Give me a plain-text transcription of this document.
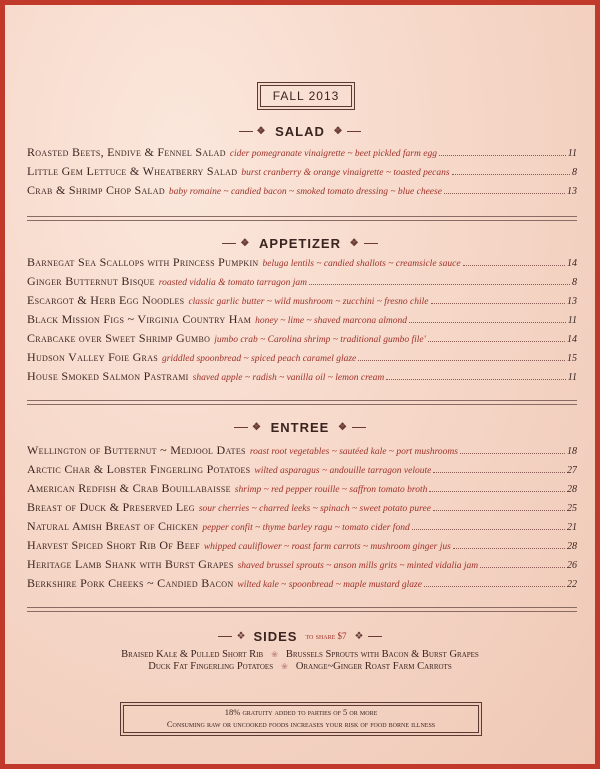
FALL 2013
❖ SALAD ❖
Roasted Beets, Endive & Fennel Salad cider pomegranate vinaigrette ~ beet pickled farm egg	11
Little Gem Lettuce & Wheatberry Salad burst cranberry & orange vinaigrette ~ toasted pecans	8
Crab & Shrimp Chop Salad baby romaine ~ candied bacon ~ smoked tomato dressing ~ blue cheese	13
❖ APPETIZER ❖
Barnegat Sea Scallops with Princess Pumpkin beluga lentils ~ candied shallots ~ creamsicle sauce	14
Ginger Butternut Bisque roasted vidalia & tomato tarragon jam	8
Escargot & Herb Egg Noodles classic garlic butter ~ wild mushroom ~ zucchini ~ fresno chile	13
Black Mission Figs ~ Virginia Country Ham honey ~ lime ~ shaved marcona almond	11
Crabcake over Sweet Shrimp Gumbo jumbo crab ~ Carolina shrimp ~ traditional gumbo file'	14
Hudson Valley Foie Gras griddled spoonbread ~ spiced peach caramel glaze	15
House Smoked Salmon Pastrami shaved apple ~ radish ~ vanilla oil ~ lemon cream	11
❖ ENTREE ❖
Wellington of Butternut ~ Medjool Dates roast root vegetables ~ sautéed kale ~ port mushrooms	18
Arctic Char & Lobster Fingerling Potatoes wilted asparagus ~ andouille tarragon veloute	27
American Redfish & Crab Bouillabaisse shrimp ~ red pepper rouille ~ saffron tomato broth	28
Breast of Duck & Preserved Leg sour cherries ~ charred leeks ~ spinach ~ sweet potato puree	25
Natural Amish Breast of Chicken pepper confit ~ thyme barley ragu ~ tomato cider fond	21
Harvest Spiced Short Rib Of Beef whipped cauliflower ~ roast farm carrots ~ mushroom ginger jus	28
Heritage Lamb Shank with Burst Grapes shaved brussel sprouts ~ anson mills grits ~ minted vidalia jam	26
Berkshire Pork Cheeks ~ Candied Bacon wilted kale ~ spoonbread ~ maple mustard glaze	22
❖ SIDES to share $7 ❖
Braised Kale & Pulled Short Rib ❀ Brussels Sprouts with Bacon & Burst Grapes
Duck Fat Fingerling Potatoes ❀ Orange~Ginger Roast Farm Carrots
18% gratuity added to parties of 5 or more
Consuming raw or uncooked foods increases your risk of food borne illness
